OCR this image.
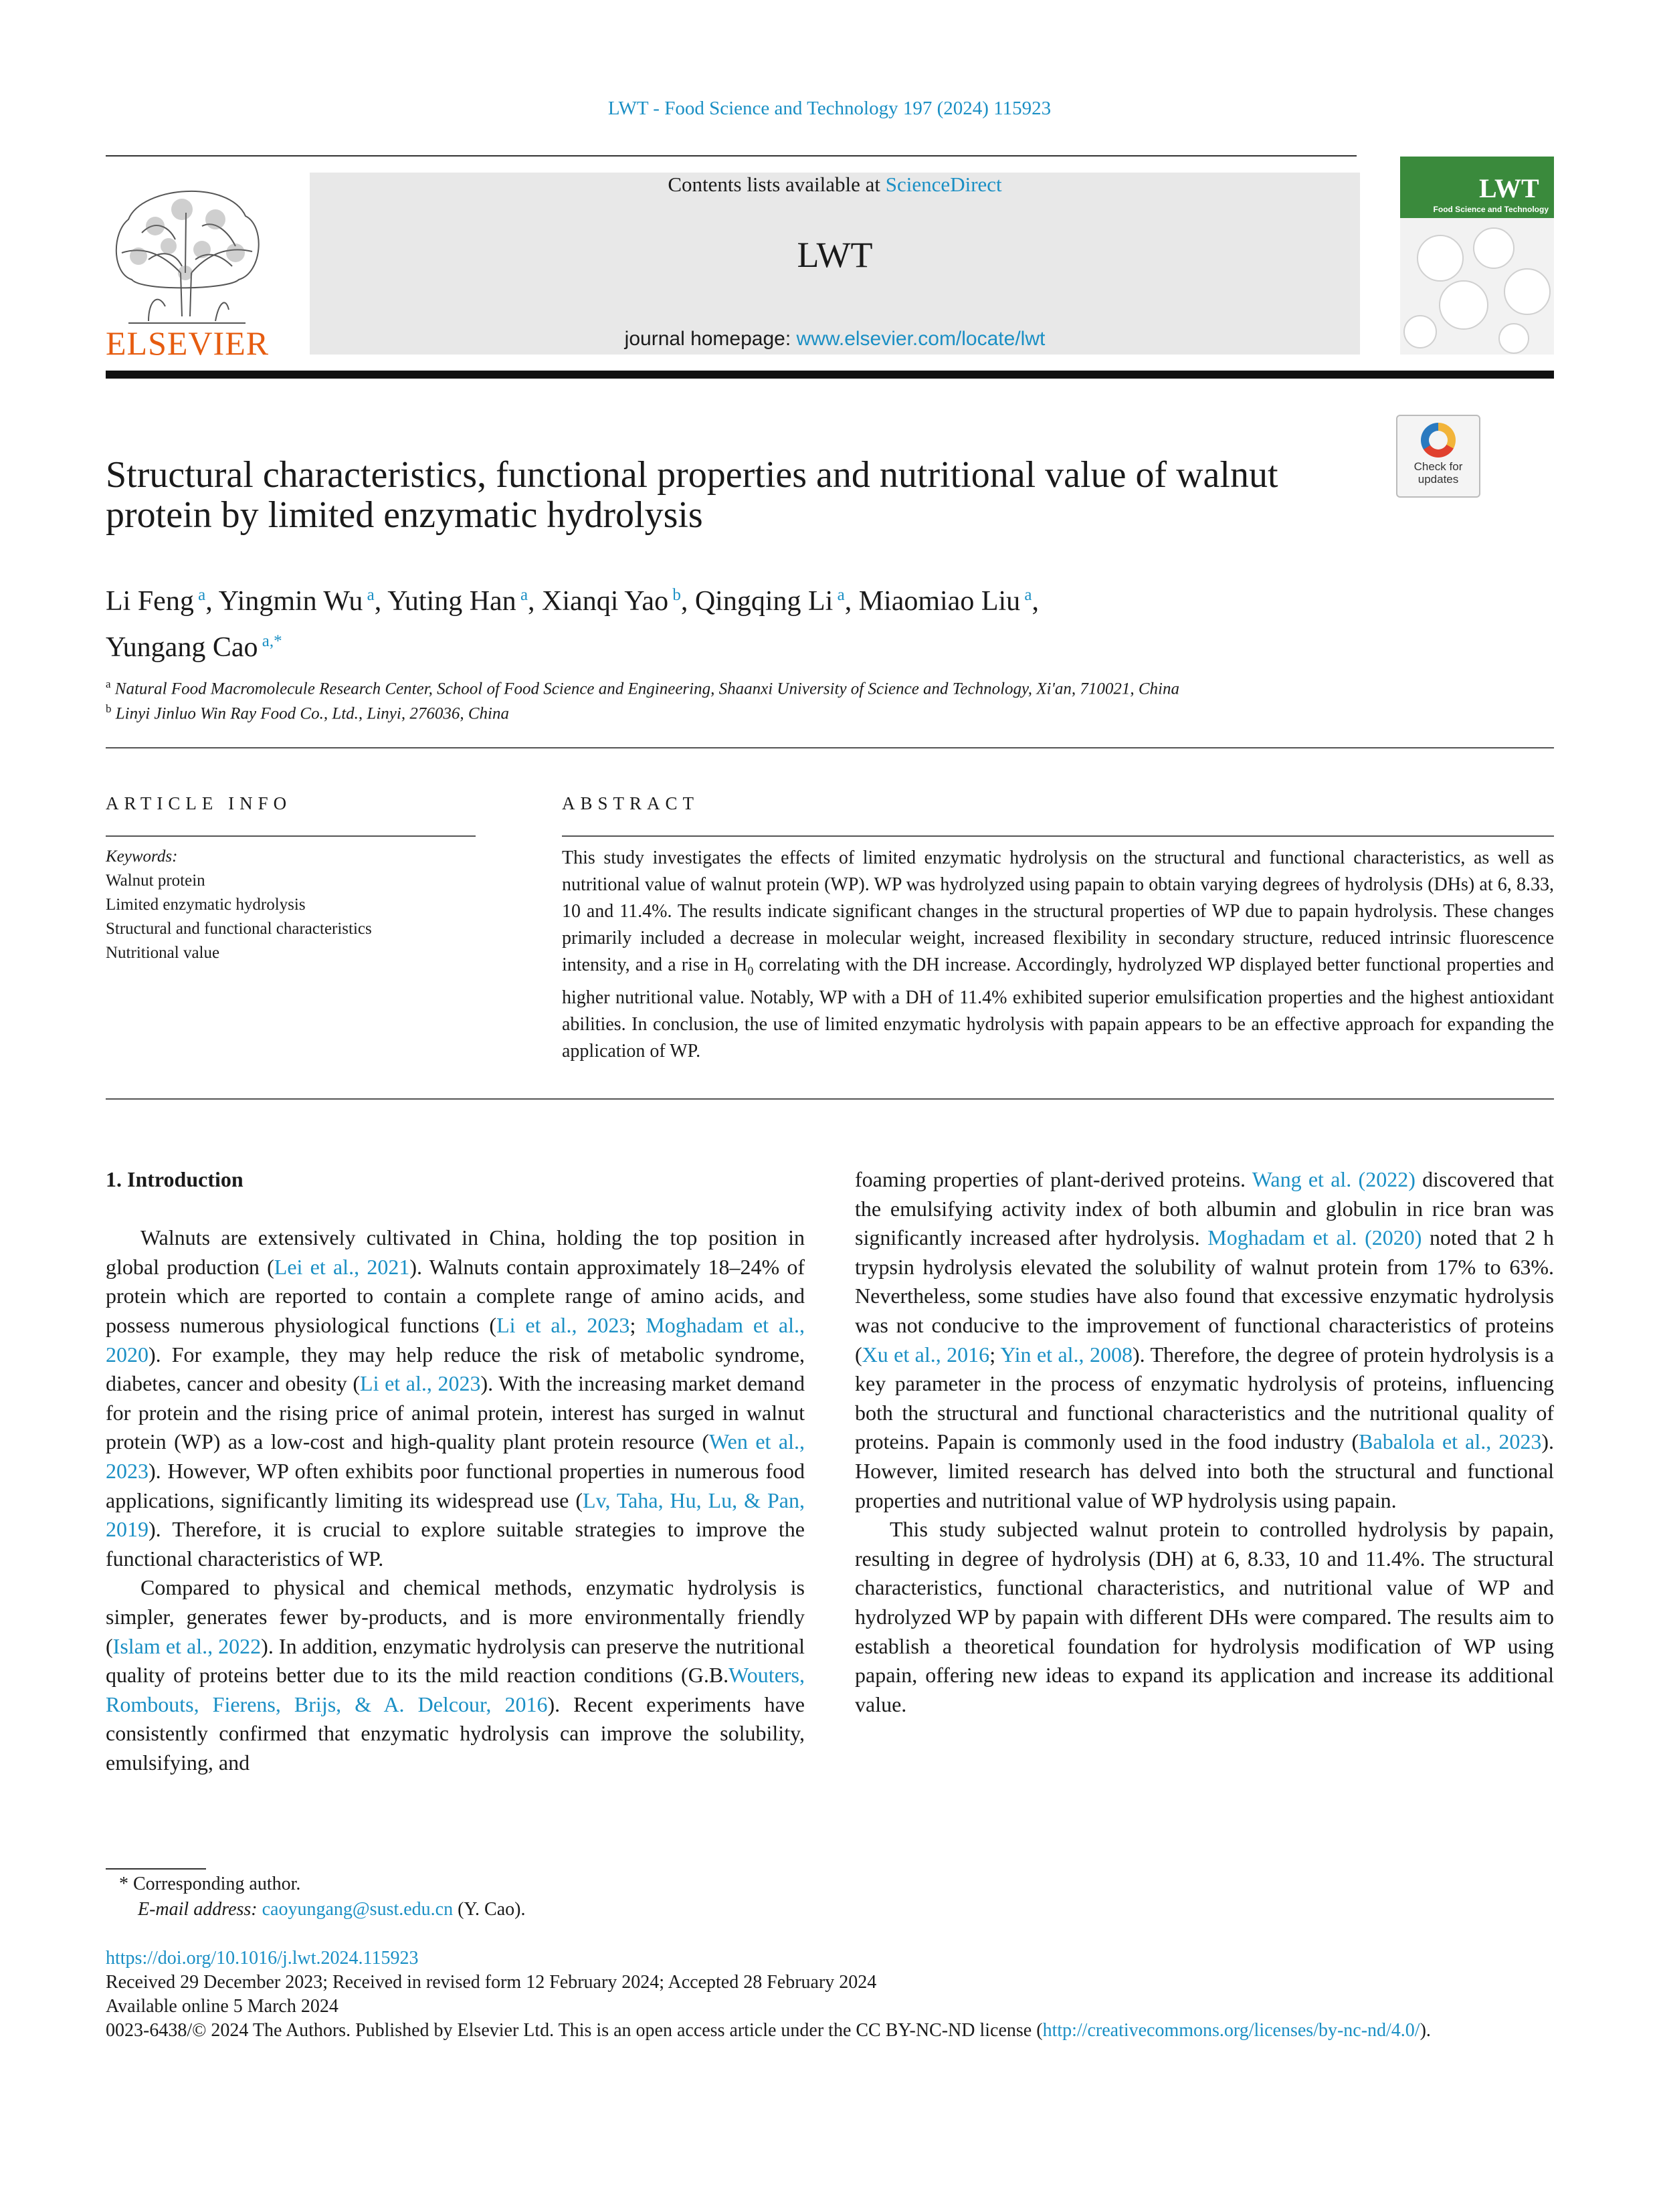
LWT - Food Science and Technology 197 (2024) 115923
ELSEVIER
Contents lists available at ScienceDirect
LWT
journal homepage: www.elsevier.com/locate/lwt
LWT
Food Science and Technology
Check for
updates
Structural characteristics, functional properties and nutritional value of walnut protein by limited enzymatic hydrolysis
Li Feng $^a$, Yingmin Wu $^a$, Yuting Han $^a$, Xianqi Yao $^b$, Qingqing Li $^a$, Miaomiao Liu $^a$,
Yungang Cao $^{a,*}$
$^a$ Natural Food Macromolecule Research Center, School of Food Science and Engineering, Shaanxi University of Science and Technology, Xi'an, 710021, China
$^b$ Linyi Jinluo Win Ray Food Co., Ltd., Linyi, 276036, China
ARTICLE INFO
Keywords:
Walnut protein
Limited enzymatic hydrolysis
Structural and functional characteristics
Nutritional value
ABSTRACT
This study investigates the effects of limited enzymatic hydrolysis on the structural and functional characteristics, as well as nutritional value of walnut protein (WP). WP was hydrolyzed using papain to obtain varying degrees of hydrolysis (DHs) at 6, 8.33, 10 and 11.4%. The results indicate significant changes in the structural properties of WP due to papain hydrolysis. These changes primarily included a decrease in molecular weight, increased flexibility in secondary structure, reduced intrinsic fluorescence intensity, and a rise in $H_0$ correlating with the DH increase. Accordingly, hydrolyzed WP displayed better functional properties and higher nutritional value. Notably, WP with a DH of 11.4% exhibited superior emulsification properties and the highest antioxidant abilities. In conclusion, the use of limited enzymatic hydrolysis with papain appears to be an effective approach for expanding the application of WP.

1. Introduction

Walnuts are extensively cultivated in China, holding the top position in global production (Lei et al., 2021). Walnuts contain approximately 18–24% of protein which are reported to contain a complete range of amino acids, and possess numerous physiological functions (Li et al., 2023; Moghadam et al., 2020). For example, they may help reduce the risk of metabolic syndrome, diabetes, cancer and obesity (Li et al., 2023). With the increasing market demand for protein and the rising price of animal protein, interest has surged in walnut protein (WP) as a low-cost and high-quality plant protein resource (Wen et al., 2023). However, WP often exhibits poor functional properties in numerous food applications, significantly limiting its widespread use (Lv, Taha, Hu, Lu, & Pan, 2019). Therefore, it is crucial to explore suitable strategies to improve the functional characteristics of WP.

Compared to physical and chemical methods, enzymatic hydrolysis is simpler, generates fewer by-products, and is more environmentally friendly (Islam et al., 2022). In addition, enzymatic hydrolysis can preserve the nutritional quality of proteins better due to its the mild reaction conditions (G.B.Wouters, Rombouts, Fierens, Brijs, & A. Delcour, 2016). Recent experiments have consistently confirmed that enzymatic hydrolysis can improve the solubility, emulsifying, and

foaming properties of plant-derived proteins. Wang et al. (2022) discovered that the emulsifying activity index of both albumin and globulin in rice bran was significantly increased after hydrolysis. Moghadam et al. (2020) noted that 2 h trypsin hydrolysis elevated the solubility of walnut protein from 17% to 63%. Nevertheless, some studies have also found that excessive enzymatic hydrolysis was not conducive to the improvement of functional characteristics of proteins (Xu et al., 2016; Yin et al., 2008). Therefore, the degree of protein hydrolysis is a key parameter in the process of enzymatic hydrolysis of proteins, influencing both the structural and functional characteristics and the nutritional quality of proteins. Papain is commonly used in the food industry (Babalola et al., 2023). However, limited research has delved into both the structural and functional properties and nutritional value of WP hydrolysis using papain.

This study subjected walnut protein to controlled hydrolysis by papain, resulting in degree of hydrolysis (DH) at 6, 8.33, 10 and 11.4%. The structural characteristics, functional characteristics, and nutritional value of WP and hydrolyzed WP by papain with different DHs were compared. The results aim to establish a theoretical foundation for hydrolysis modification of WP using papain, offering new ideas to expand its application and increase its additional value.

* Corresponding author.
E-mail address: caoyungang@sust.edu.cn (Y. Cao).
https://doi.org/10.1016/j.lwt.2024.115923
Received 29 December 2023; Received in revised form 12 February 2024; Accepted 28 February 2024
Available online 5 March 2024
0023-6438/© 2024 The Authors. Published by Elsevier Ltd. This is an open access article under the CC BY-NC-ND license (http://creativecommons.org/licenses/by-nc-nd/4.0/).
